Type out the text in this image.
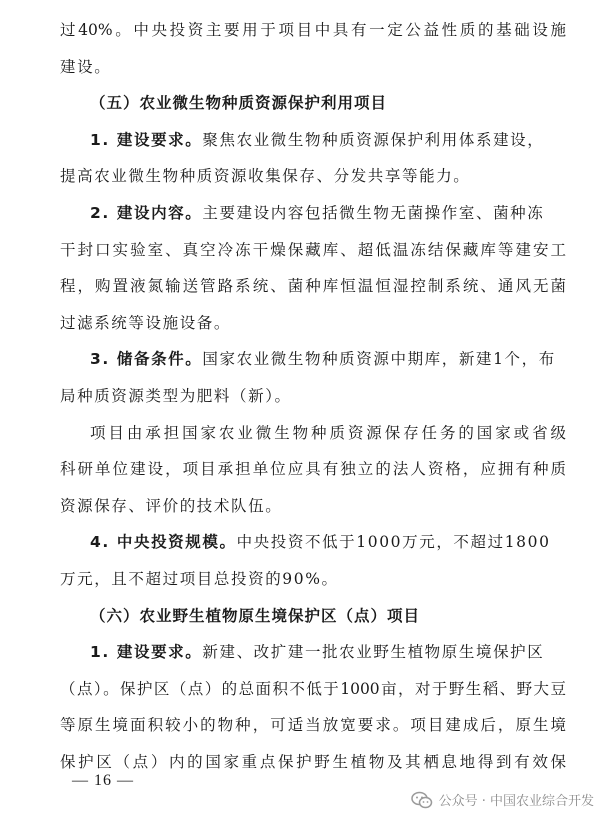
过40%。中央投资主要用于项目中具有一定公益性质的基础设施
建设。
（五）农业微生物种质资源保护利用项目
1. 建设要求。聚焦农业微生物种质资源保护利用体系建设，
提高农业微生物种质资源收集保存、分发共享等能力。
2. 建设内容。主要建设内容包括微生物无菌操作室、菌种冻
干封口实验室、真空冷冻干燥保藏库、超低温冻结保藏库等建安工
程，购置液氮输送管路系统、菌种库恒温恒湿控制系统、通风无菌
过滤系统等设施设备。
3. 储备条件。国家农业微生物种质资源中期库，新建1个，布
局种质资源类型为肥料（新）。
项目由承担国家农业微生物种质资源保存任务的国家或省级
科研单位建设，项目承担单位应具有独立的法人资格，应拥有种质
资源保存、评价的技术队伍。
4. 中央投资规模。中央投资不低于1000万元，不超过1800
万元，且不超过项目总投资的90%。
（六）农业野生植物原生境保护区（点）项目
1. 建设要求。新建、改扩建一批农业野生植物原生境保护区
（点）。保护区（点）的总面积不低于1000亩，对于野生稻、野大豆
等原生境面积较小的物种，可适当放宽要求。项目建成后，原生境
保护区（点）内的国家重点保护野生植物及其栖息地得到有效保
— 16 —
公众号 · 中国农业综合开发
